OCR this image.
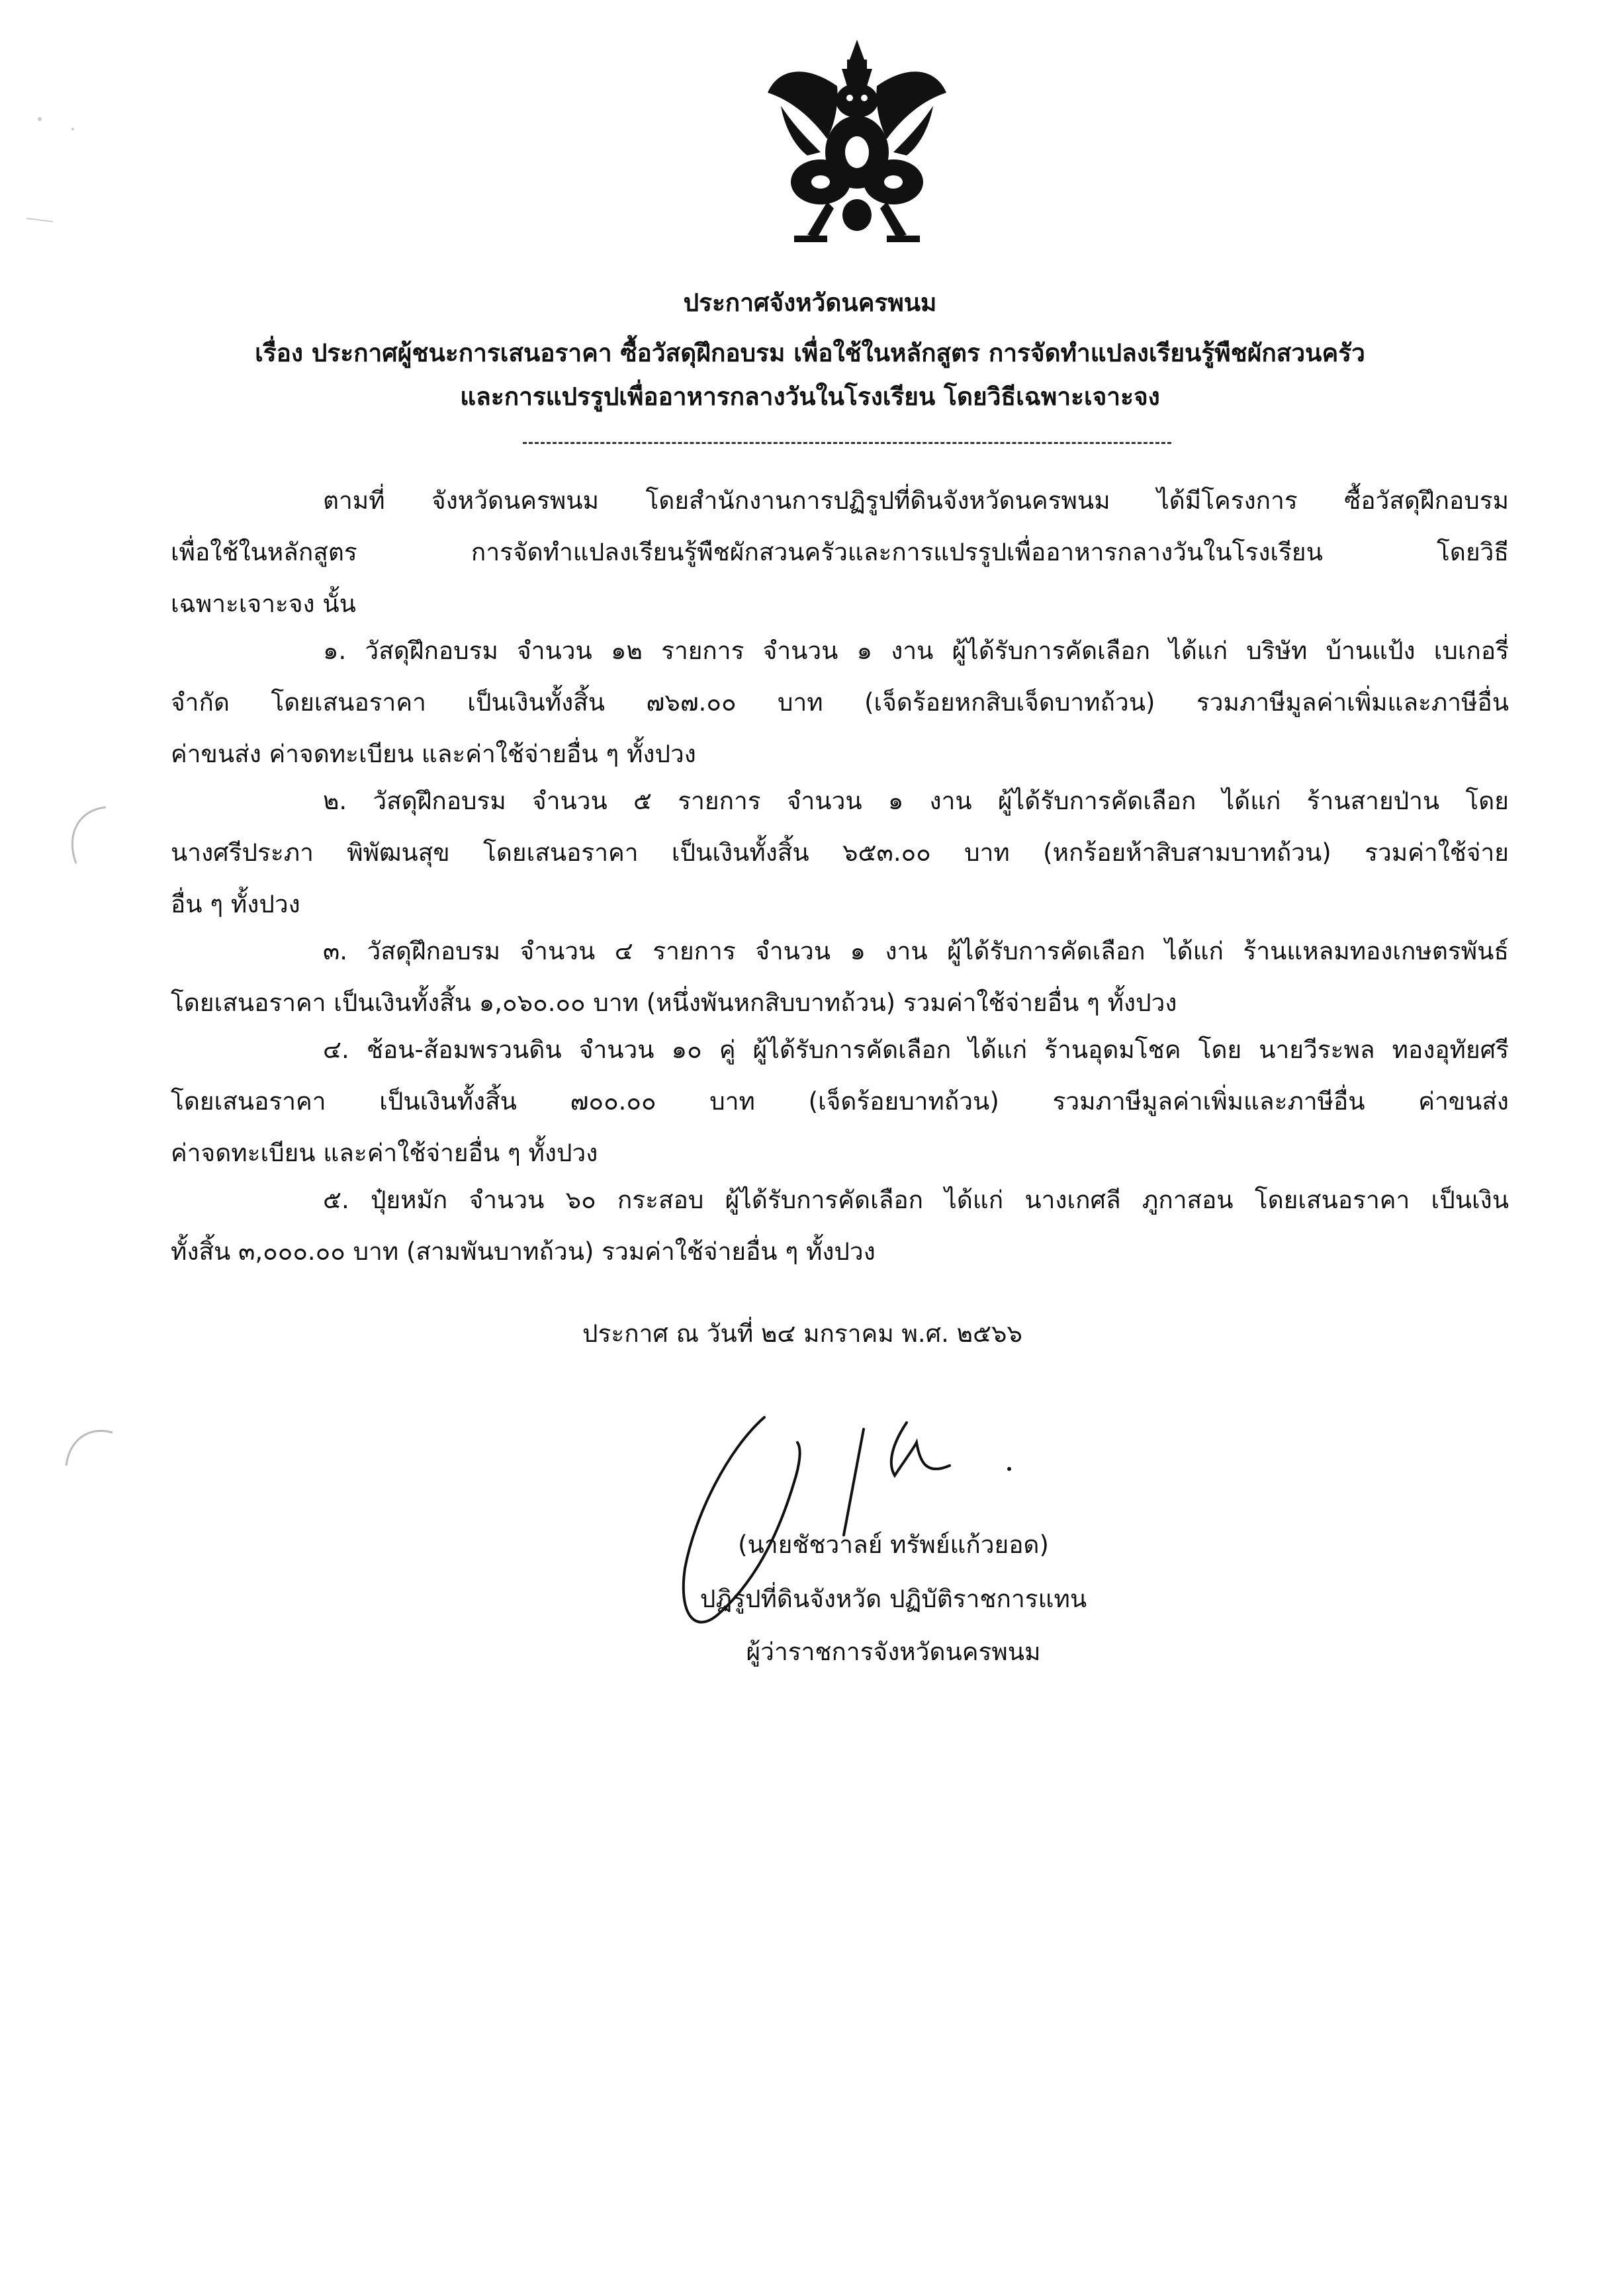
ประกาศจังหวัดนครพนม
เรื่อง ประกาศผู้ชนะการเสนอราคา ซื้อวัสดุฝึกอบรม เพื่อใช้ในหลักสูตร การจัดทำแปลงเรียนรู้พืชผักสวนครัว
และการแปรรูปเพื่ออาหารกลางวันในโรงเรียน โดยวิธีเฉพาะเจาะจง
ตามที่ จังหวัดนครพนม โดยสำนักงานการปฏิรูปที่ดินจังหวัดนครพนม ได้มีโครงการ ซื้อวัสดุฝึกอบรม
เพื่อใช้ในหลักสูตร การจัดทำแปลงเรียนรู้พืชผักสวนครัวและการแปรรูปเพื่ออาหารกลางวันในโรงเรียน โดยวิธี
เฉพาะเจาะจง นั้น
๑. วัสดุฝึกอบรม จำนวน ๑๒ รายการ จำนวน ๑ งาน ผู้ได้รับการคัดเลือก ได้แก่ บริษัท บ้านแป้ง เบเกอรี่
จำกัด โดยเสนอราคา เป็นเงินทั้งสิ้น ๗๖๗.๐๐ บาท (เจ็ดร้อยหกสิบเจ็ดบาทถ้วน) รวมภาษีมูลค่าเพิ่มและภาษีอื่น
ค่าขนส่ง ค่าจดทะเบียน และค่าใช้จ่ายอื่น ๆ ทั้งปวง
๒. วัสดุฝึกอบรม จำนวน ๕ รายการ จำนวน ๑ งาน ผู้ได้รับการคัดเลือก ได้แก่ ร้านสายป่าน โดย
นางศรีประภา พิพัฒนสุข โดยเสนอราคา เป็นเงินทั้งสิ้น ๖๕๓.๐๐ บาท (หกร้อยห้าสิบสามบาทถ้วน) รวมค่าใช้จ่าย
อื่น ๆ ทั้งปวง
๓. วัสดุฝึกอบรม จำนวน ๔ รายการ จำนวน ๑ งาน ผู้ได้รับการคัดเลือก ได้แก่ ร้านแหลมทองเกษตรพันธ์
โดยเสนอราคา เป็นเงินทั้งสิ้น ๑,๐๖๐.๐๐ บาท (หนึ่งพันหกสิบบาทถ้วน) รวมค่าใช้จ่ายอื่น ๆ ทั้งปวง
๔. ช้อน-ส้อมพรวนดิน จำนวน ๑๐ คู่ ผู้ได้รับการคัดเลือก ได้แก่ ร้านอุดมโชค โดย นายวีระพล ทองอุทัยศรี
โดยเสนอราคา เป็นเงินทั้งสิ้น ๗๐๐.๐๐ บาท (เจ็ดร้อยบาทถ้วน) รวมภาษีมูลค่าเพิ่มและภาษีอื่น ค่าขนส่ง
ค่าจดทะเบียน และค่าใช้จ่ายอื่น ๆ ทั้งปวง
๕. ปุ๋ยหมัก จำนวน ๖๐ กระสอบ ผู้ได้รับการคัดเลือก ได้แก่ นางเกศลี ภูกาสอน โดยเสนอราคา เป็นเงิน
ทั้งสิ้น ๓,๐๐๐.๐๐ บาท (สามพันบาทถ้วน) รวมค่าใช้จ่ายอื่น ๆ ทั้งปวง
ประกาศ ณ วันที่ ๒๔ มกราคม พ.ศ. ๒๕๖๖
(นายชัชวาลย์ ทรัพย์แก้วยอด)
ปฏิรูปที่ดินจังหวัด ปฏิบัติราชการแทน
ผู้ว่าราชการจังหวัดนครพนม
